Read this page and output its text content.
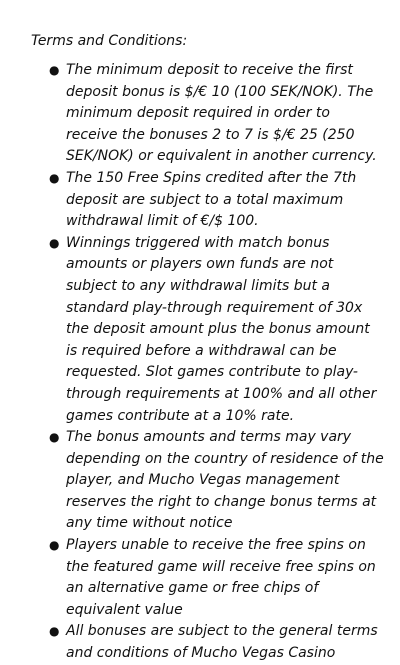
Terms and Conditions:

● The minimum deposit to receive the first deposit bonus is $/€ 10 (100 SEK/NOK). The minimum deposit required in order to receive the bonuses 2 to 7 is $/€ 25 (250 SEK/NOK) or equivalent in another currency.
● The 150 Free Spins credited after the 7th deposit are subject to a total maximum withdrawal limit of €/$ 100.
● Winnings triggered with match bonus amounts or players own funds are not subject to any withdrawal limits but a standard play-through requirement of 30x the deposit amount plus the bonus amount is required before a withdrawal can be requested. Slot games contribute to play-through requirements at 100% and all other games contribute at a 10% rate.
● The bonus amounts and terms may vary depending on the country of residence of the player, and Mucho Vegas management reserves the right to change bonus terms at any time without notice
● Players unable to receive the free spins on the featured game will receive free spins on an alternative game or free chips of equivalent value
● All bonuses are subject to the general terms and conditions of Mucho Vegas Casino
